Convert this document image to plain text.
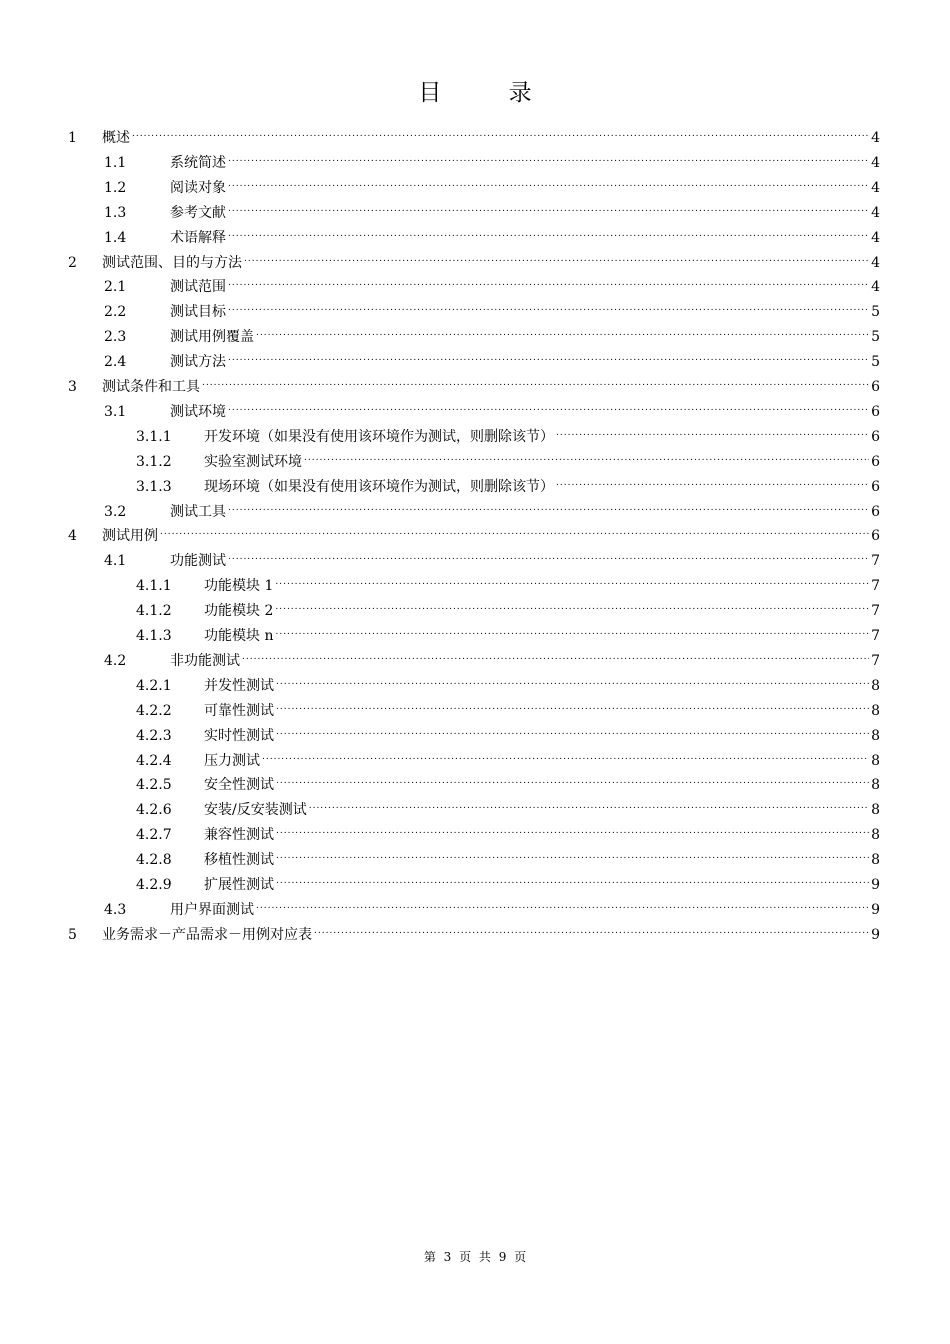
目 录
1	概述 .....	4
1.1	系统简述 .....	4
1.2	阅读对象 .....	4
1.3	参考文献 .....	4
1.4	术语解释 .....	4
2	测试范围、目的与方法 .....	4
2.1	测试范围 .....	4
2.2	测试目标 .....	5
2.3	测试用例覆盖 .....	5
2.4	测试方法 .....	5
3	测试条件和工具 .....	6
3.1	测试环境 .....	6
3.1.1	开发环境（如果没有使用该环境作为测试，则删除该节） .....	6
3.1.2	实验室测试环境 .....	6
3.1.3	现场环境（如果没有使用该环境作为测试，则删除该节） .....	6
3.2	测试工具 .....	6
4	测试用例 .....	6
4.1	功能测试 .....	7
4.1.1	功能模块 1 .....	7
4.1.2	功能模块 2 .....	7
4.1.3	功能模块 n .....	7
4.2	非功能测试 .....	7
4.2.1	并发性测试 .....	8
4.2.2	可靠性测试 .....	8
4.2.3	实时性测试 .....	8
4.2.4	压力测试 .....	8
4.2.5	安全性测试 .....	8
4.2.6	安装/反安装测试 .....	8
4.2.7	兼容性测试 .....	8
4.2.8	移植性测试 .....	8
4.2.9	扩展性测试 .....	9
4.3	用户界面测试 .....	9
5	业务需求－产品需求－用例对应表 .....	9
第 3 页 共 9 页
